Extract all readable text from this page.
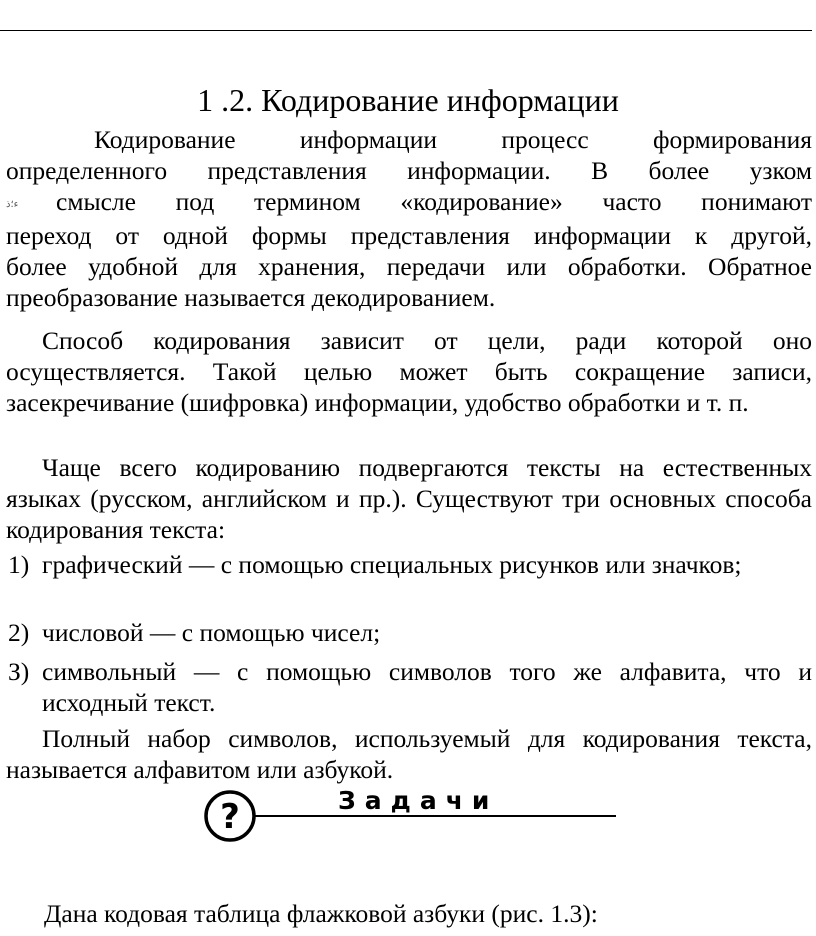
1 .2. Кодирование информации
Кодирование информации процесс формирования
определенного представления информации. В более узком
ء؛ذ смысле под термином «кодирование» часто понимают
переход от одной формы представления информации к другой,
более удобной для хранения, передачи или обработки. Обратное
преобразование называется декодированием.
Способ кодирования зависит от цели, ради которой оно осуществляется. Такой целью может быть сокращение записи, засекречивание (шифровка) информации, удобство обработки и т. п.
Чаще всего кодированию подвергаются тексты на естественных языках (русском, английском и пр.). Существуют три основных способа кодирования текста:
1) графический — с помощью специальных рисунков или значков;
2) числовой — с помощью чисел;
З) символьный — с помощью символов того же алфавита, что и исходный текст.
Полный набор символов, используемый для кодирования текста, называется алфавитом или азбукой.
?	Задачи
Дана кодовая таблица флажковой азбуки (рис. 1.3):
